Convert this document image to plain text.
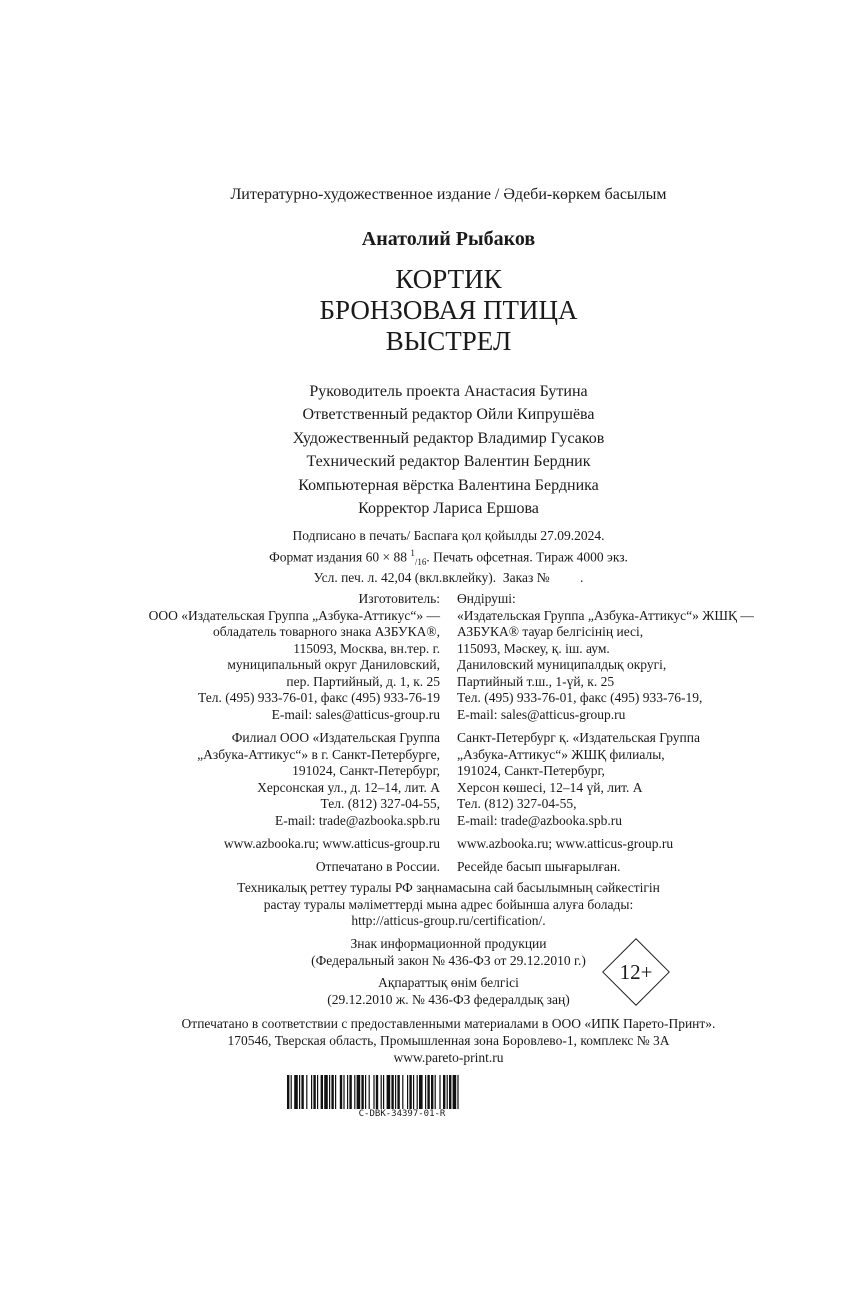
Литературно-художественное издание / Әдеби-көркем басылым
Анатолий Рыбаков
КОРТИК
БРОНЗОВАЯ ПТИЦА
ВЫСТРЕЛ
Руководитель проекта Анастасия Бутина
Ответственный редактор Ойли Кипрушёва
Художественный редактор Владимир Гусаков
Технический редактор Валентин Бердник
Компьютерная вёрстка Валентина Бердника
Корректор Лариса Ершова
Подписано в печать/ Баспаға қол қойылды 27.09.2024.
Формат издания 60 × 88 $^1_{/16}$. Печать офсетная. Тираж 4000 экз.
Усл. печ. л. 42,04 (вкл.вклейку).  Заказ №         .
Изготовитель:
ООО «Издательская Группа „Азбука-Аттикус“» —
обладатель товарного знака АЗБУКА®,
115093, Москва, вн.тер. г.
муниципальный округ Даниловский,
пер. Партийный, д. 1, к. 25
Тел. (495) 933-76-01, факс (495) 933-76-19
E-mail: sales@atticus-group.ru
Өндіруші:
«Издательская Группа „Азбука-Аттикус“» ЖШҚ —
АЗБУКА® тауар белгісінің иесі,
115093, Мәскеу, қ. іш. аум.
Даниловский муниципалдық округі,
Партийный т.ш., 1-үй, к. 25
Тел. (495) 933-76-01, факс (495) 933-76-19,
E-mail: sales@atticus-group.ru
Филиал ООО «Издательская Группа
„Азбука-Аттикус“» в г. Санкт-Петербурге,
191024, Санкт-Петербург,
Херсонская ул., д. 12–14, лит. А
Тел. (812) 327-04-55,
E-mail: trade@azbooka.spb.ru
Санкт-Петербург қ. «Издательская Группа
„Азбука-Аттикус“» ЖШҚ филиалы,
191024, Санкт-Петербург,
Херсон көшесі, 12–14 үй, лит. А
Тел. (812) 327-04-55,
E-mail: trade@azbooka.spb.ru
www.azbooka.ru; www.atticus-group.ru www.azbooka.ru; www.atticus-group.ru
Отпечатано в России. Ресейде басып шығарылған.
Техникалық реттеу туралы РФ заңнамасына сай басылымның сәйкестігін
растау туралы мәліметтерді мына адрес бойынша алуға болады:
http://atticus-group.ru/certification/.
Знак информационной продукции
(Федеральный закон № 436-ФЗ от 29.12.2010 г.)
Ақпараттық өнім белгісі
(29.12.2010 ж. № 436-ФЗ федералдық заң)
12+
Отпечатано в соответствии с предоставленными материалами в ООО «ИПК Парето-Принт».
170546, Тверская область, Промышленная зона Боровлево-1, комплекс № 3А
www.pareto-print.ru
C-DBK-34397-01-R
